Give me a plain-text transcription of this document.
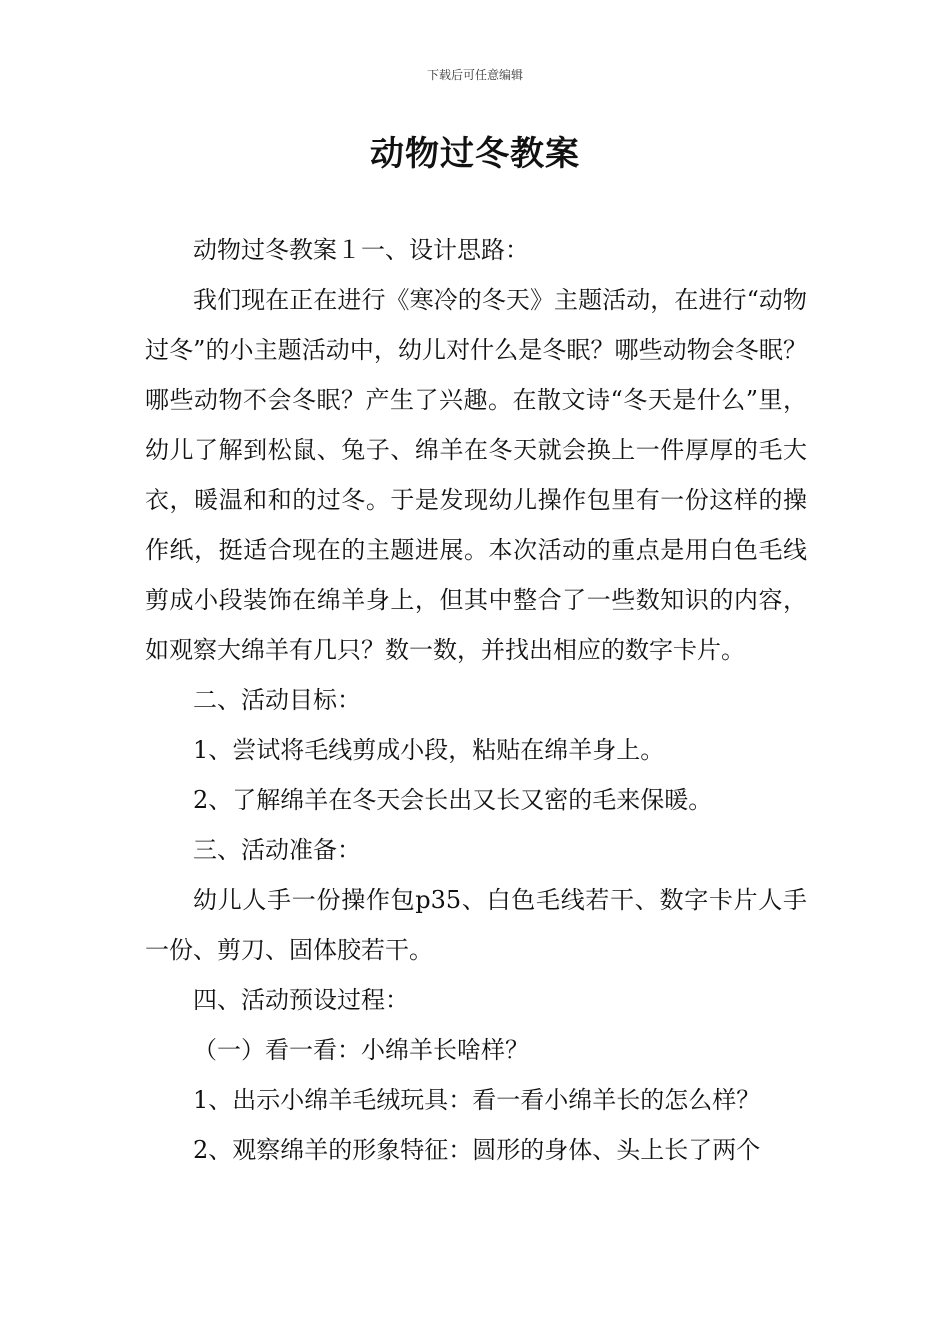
下载后可任意编辑
动物过冬教案

动物过冬教案１一、设计思路：

我们现在正在进行《寒冷的冬天》主题活动，在进行“动物过冬”的小主题活动中，幼儿对什么是冬眠？哪些动物会冬眠？哪些动物不会冬眠？产生了兴趣。在散文诗“冬天是什么”里，幼儿了解到松鼠、兔子、绵羊在冬天就会换上一件厚厚的毛大衣，暖温和和的过冬。于是发现幼儿操作包里有一份这样的操作纸，挺适合现在的主题进展。本次活动的重点是用白色毛线剪成小段装饰在绵羊身上，但其中整合了一些数知识的内容，如观察大绵羊有几只？数一数，并找出相应的数字卡片。

二、活动目标：

1、尝试将毛线剪成小段，粘贴在绵羊身上。

2、了解绵羊在冬天会长出又长又密的毛来保暖。

三、活动准备：

幼儿人手一份操作包p35、白色毛线若干、数字卡片人手一份、剪刀、固体胶若干。

四、活动预设过程：

（一）看一看：小绵羊长啥样？

1、出示小绵羊毛绒玩具：看一看小绵羊长的怎么样？

2、观察绵羊的形象特征：圆形的身体、头上长了两个
